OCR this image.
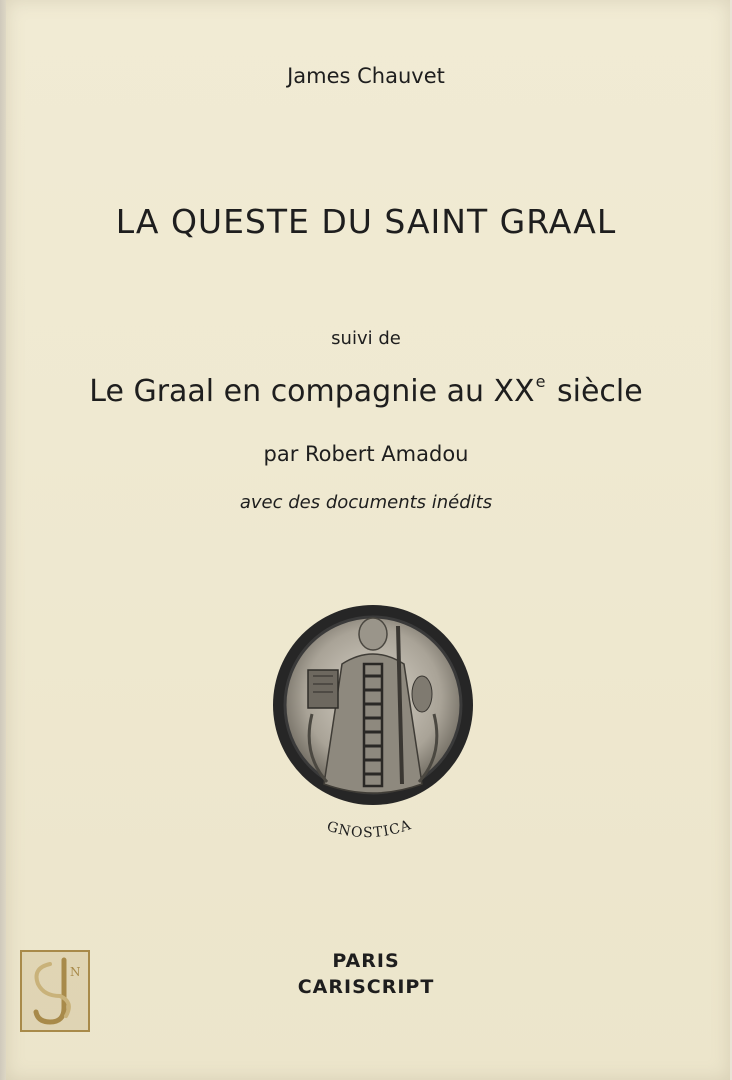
James Chauvet
LA QUESTE DU SAINT GRAAL
suivi de
Le Graal en compagnie au XXe siècle
par Robert Amadou
avec des documents inédits
GNOSTICA
PARIS
CARISCRIPT
N
